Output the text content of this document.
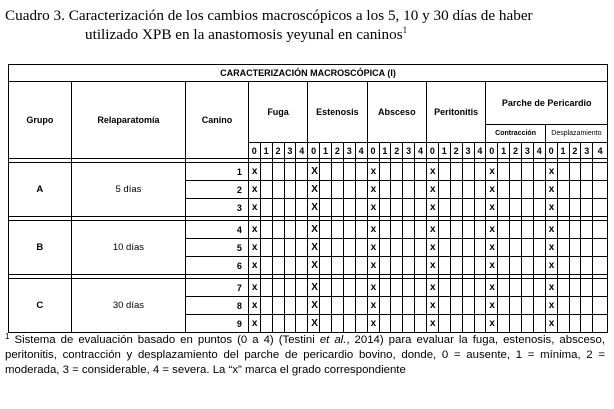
Cuadro 3. Caracterización de los cambios macroscópicos a los 5, 10 y 30 días de haber
utilizado XPB en la anastomosis yeyunal en caninos$^1$
CARACTERIZACIÓN MACROSCÓPICA (I)																																
Grupo	Relaparatomía	Canino	Fuga					Estenosis					Absceso					Peritonitis					Parche de Pericardio									
																							Contracción					Desplazamiento				
			0	1	2	3	4	0	1	2	3	4	0	1	2	3	4	0	1	2	3	4	0	1	2	3	4	0	1	2	3	4

A	5 días	1	x					X					x					x					x					x				
		2	x					X					x					x					x					x				
		3	x					X					x					x					x					x				

B	10 días	4	x					X					x					x					x					x				
		5	x					X					x					x					x					x				
		6	x					X					x					x					x					x				

C	30 días	7	x					X					x					x					x					x				
		8	x					X					x					x					x					x				
		9	x					X					x					x					x					x				
$^1$ Sistema de evaluación basado en puntos (0 a 4) (Testini et al., 2014) para evaluar la fuga, estenosis, absceso, peritonitis, contracción y desplazamiento del parche de pericardio bovino, donde, 0 = ausente, 1 = mínima, 2 = moderada, 3 = considerable, 4 = severa. La “x” marca el grado correspondiente
